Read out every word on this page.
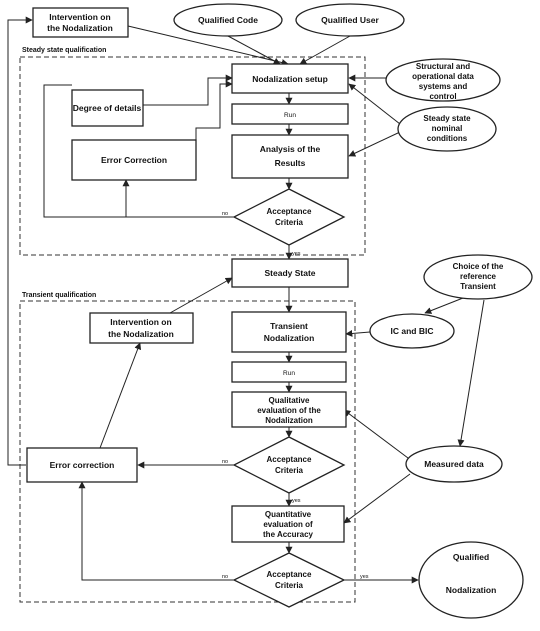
Steady state qualification
Transient qualification
Intervention on the Nodalization
Qualified Code	Qualified User
Nodalization setup
Structural and operational data systems and control
Degree of details
Run	Steady state nominal conditions
Analysis of the Results
Error Correction
Acceptance Criteria
Steady State
Choice of the reference Transient
Intervention on the Nodalization
Transient Nodalization
IC and BIC
Run
Qualitative evaluation of the Nodalization
Error correction
Acceptance Criteria
Measured data
Quantitative evaluation of the Accuracy
Acceptance Criteria
Qualified Nodalization
no
yes
no
yes
no	yes
